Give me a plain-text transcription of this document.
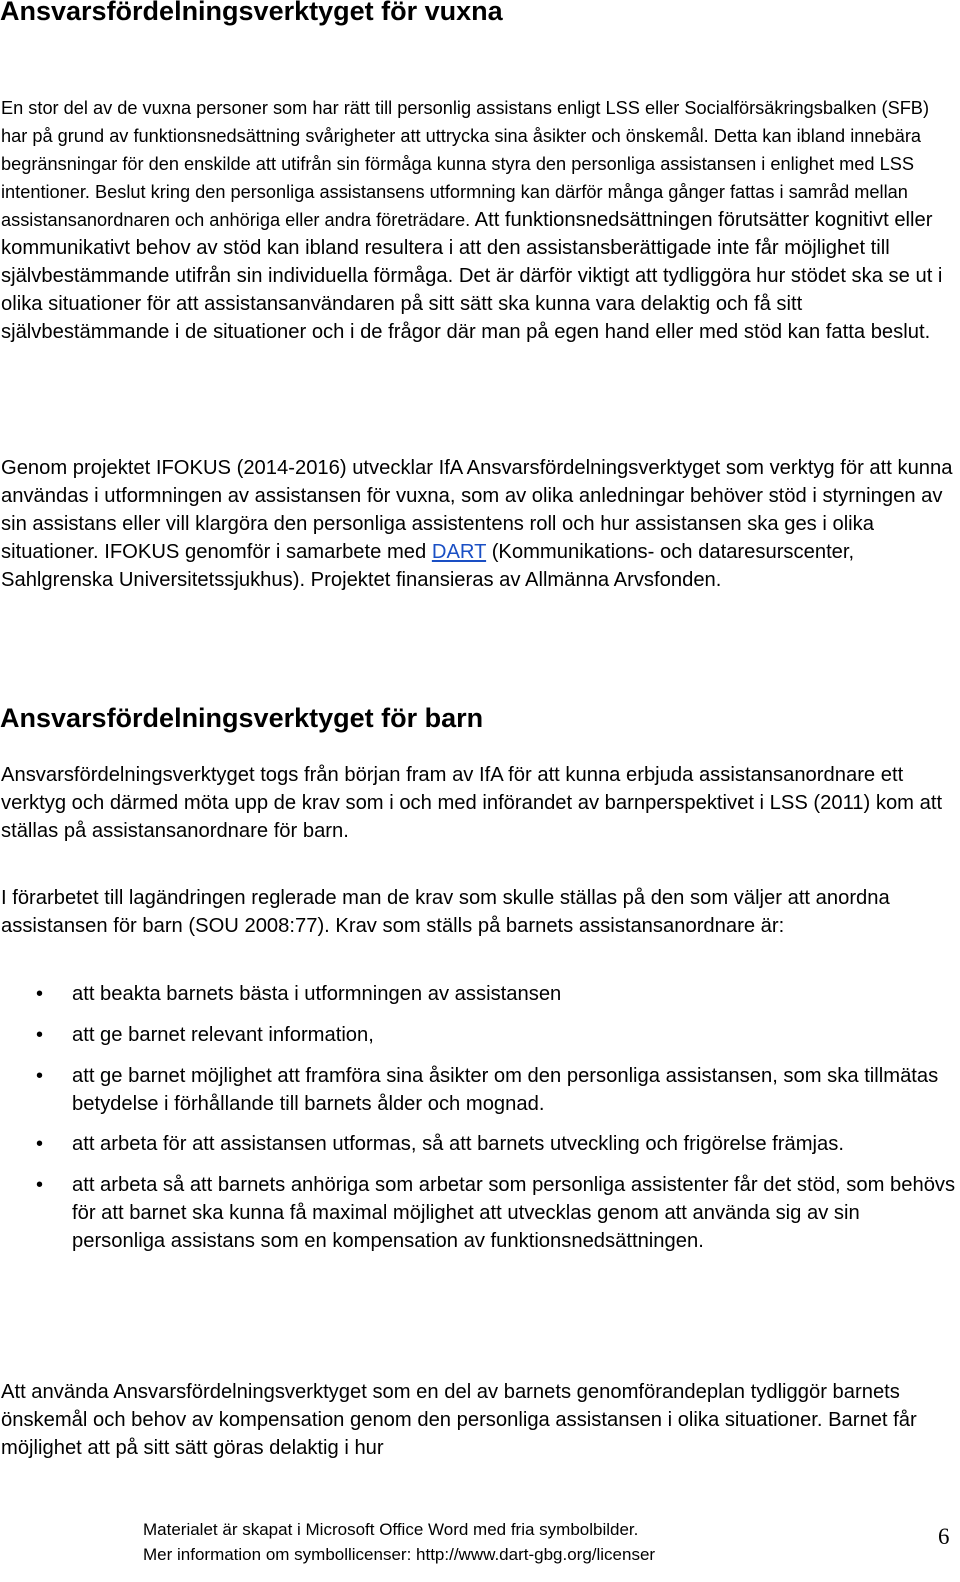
Ansvarsfördelningsverktyget för vuxna

En stor del av de vuxna personer som har rätt till personlig assistans enligt LSS eller Socialförsäkringsbalken (SFB) har på grund av funktionsnedsättning svårigheter att uttrycka sina åsikter och önskemål. Detta kan ibland innebära begränsningar för den enskilde att utifrån sin förmåga kunna styra den personliga assistansen i enlighet med LSS intentioner. Beslut kring den personliga assistansens utformning kan därför många gånger fattas i samråd mellan assistansanordnaren och anhöriga eller andra företrädare. Att funktionsnedsättningen förutsätter kognitivt eller kommunikativt behov av stöd kan ibland resultera i att den assistansberättigade inte får möjlighet till självbestämmande utifrån sin individuella förmåga. Det är därför viktigt att tydliggöra hur stödet ska se ut i olika situationer för att assistansanvändaren på sitt sätt ska kunna vara delaktig och få sitt självbestämmande i de situationer och i de frågor där man på egen hand eller med stöd kan fatta beslut.

Genom projektet IFOKUS (2014-2016) utvecklar IfA Ansvarsfördelningsverktyget som verktyg för att kunna användas i utformningen av assistansen för vuxna, som av olika anledningar behöver stöd i styrningen av sin assistans eller vill klargöra den personliga assistentens roll och hur assistansen ska ges i olika situationer. IFOKUS genomför i samarbete med DART (Kommunikations- och dataresurscenter, Sahlgrenska Universitetssjukhus). Projektet finansieras av Allmänna Arvsfonden.

Ansvarsfördelningsverktyget för barn

Ansvarsfördelningsverktyget togs från början fram av IfA för att kunna erbjuda assistansanordnare ett verktyg och därmed möta upp de krav som i och med införandet av barnperspektivet i LSS (2011) kom att ställas på assistansanordnare för barn.

I förarbetet till lagändringen reglerade man de krav som skulle ställas på den som väljer att anordna assistansen för barn (SOU 2008:77). Krav som ställs på barnets assistansanordnare är:

• att beakta barnets bästa i utformningen av assistansen
• att ge barnet relevant information,
• att ge barnet möjlighet att framföra sina åsikter om den personliga assistansen, som ska tillmätas betydelse i förhållande till barnets ålder och mognad.
• att arbeta för att assistansen utformas, så att barnets utveckling och frigörelse främjas.
• att arbeta så att barnets anhöriga som arbetar som personliga assistenter får det stöd, som behövs för att barnet ska kunna få maximal möjlighet att utvecklas genom att använda sig av sin personliga assistans som en kompensation av funktionsnedsättningen.

Att använda Ansvarsfördelningsverktyget som en del av barnets genomförandeplan tydliggör barnets önskemål och behov av kompensation genom den personliga assistansen i olika situationer. Barnet får möjlighet att på sitt sätt göras delaktig i hur

Materialet är skapat i Microsoft Office Word med fria symbolbilder.
Mer information om symbollicenser: http://www.dart-gbg.org/licenser
6
